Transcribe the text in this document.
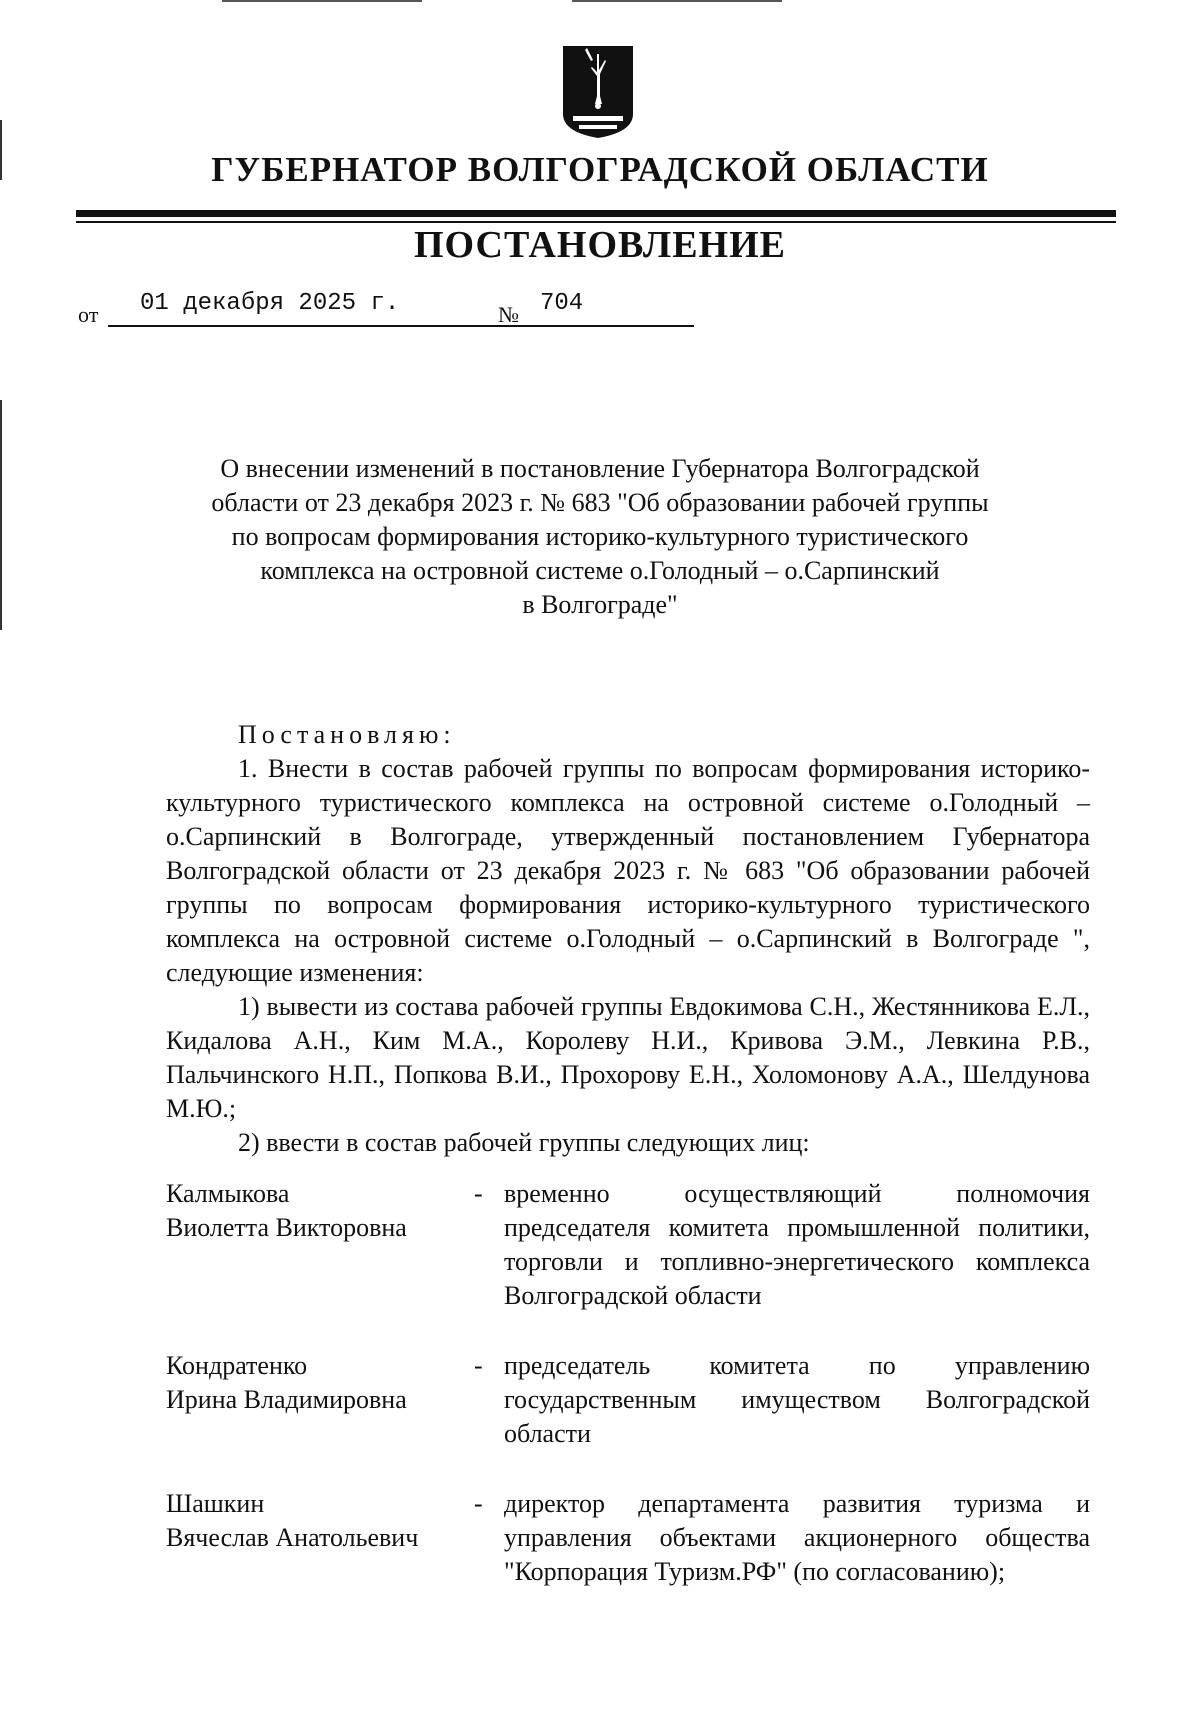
ГУБЕРНАТОР ВОЛГОГРАДСКОЙ ОБЛАСТИ
ПОСТАНОВЛЕНИЕ
от 01 декабря 2025 г.	№ 704
О внесении изменений в постановление Губернатора Волгоградской
области от 23 декабря 2023 г. № 683 "Об образовании рабочей группы
по вопросам формирования историко-культурного туристического
комплекса на островной системе о.Голодный – о.Сарпинский
в Волгограде"

Постановляю:

1. Внести в состав рабочей группы по вопросам формирования историко-культурного туристического комплекса на островной системе о.Голодный – о.Сарпинский в Волгограде, утвержденный постановлением Губернатора Волгоградской области от 23 декабря 2023 г. № 683 "Об образовании рабочей группы по вопросам формирования историко-культурного туристического комплекса на островной системе о.Голодный – о.Сарпинский в Волгограде ", следующие изменения:

1) вывести из состава рабочей группы Евдокимова С.Н., Жестянникова Е.Л., Кидалова А.Н., Ким М.А., Королеву Н.И., Кривова Э.М., Левкина Р.В., Пальчинского Н.П., Попкова В.И., Прохорову Е.Н., Холомонову А.А., Шелдунова М.Ю.;

2) ввести в состав рабочей группы следующих лиц:

Калмыкова
Виолетта Викторовна
- временно осуществляющий полномочия председателя комитета промышленной политики, торговли и топливно-энергетического комплекса Волгоградской области
Кондратенко
Ирина Владимировна
- председатель комитета по управлению государственным имуществом Волгоградской области
Шашкин
Вячеслав Анатольевич
- директор департамента развития туризма и управления объектами акционерного общества "Корпорация Туризм.РФ" (по согласованию);
